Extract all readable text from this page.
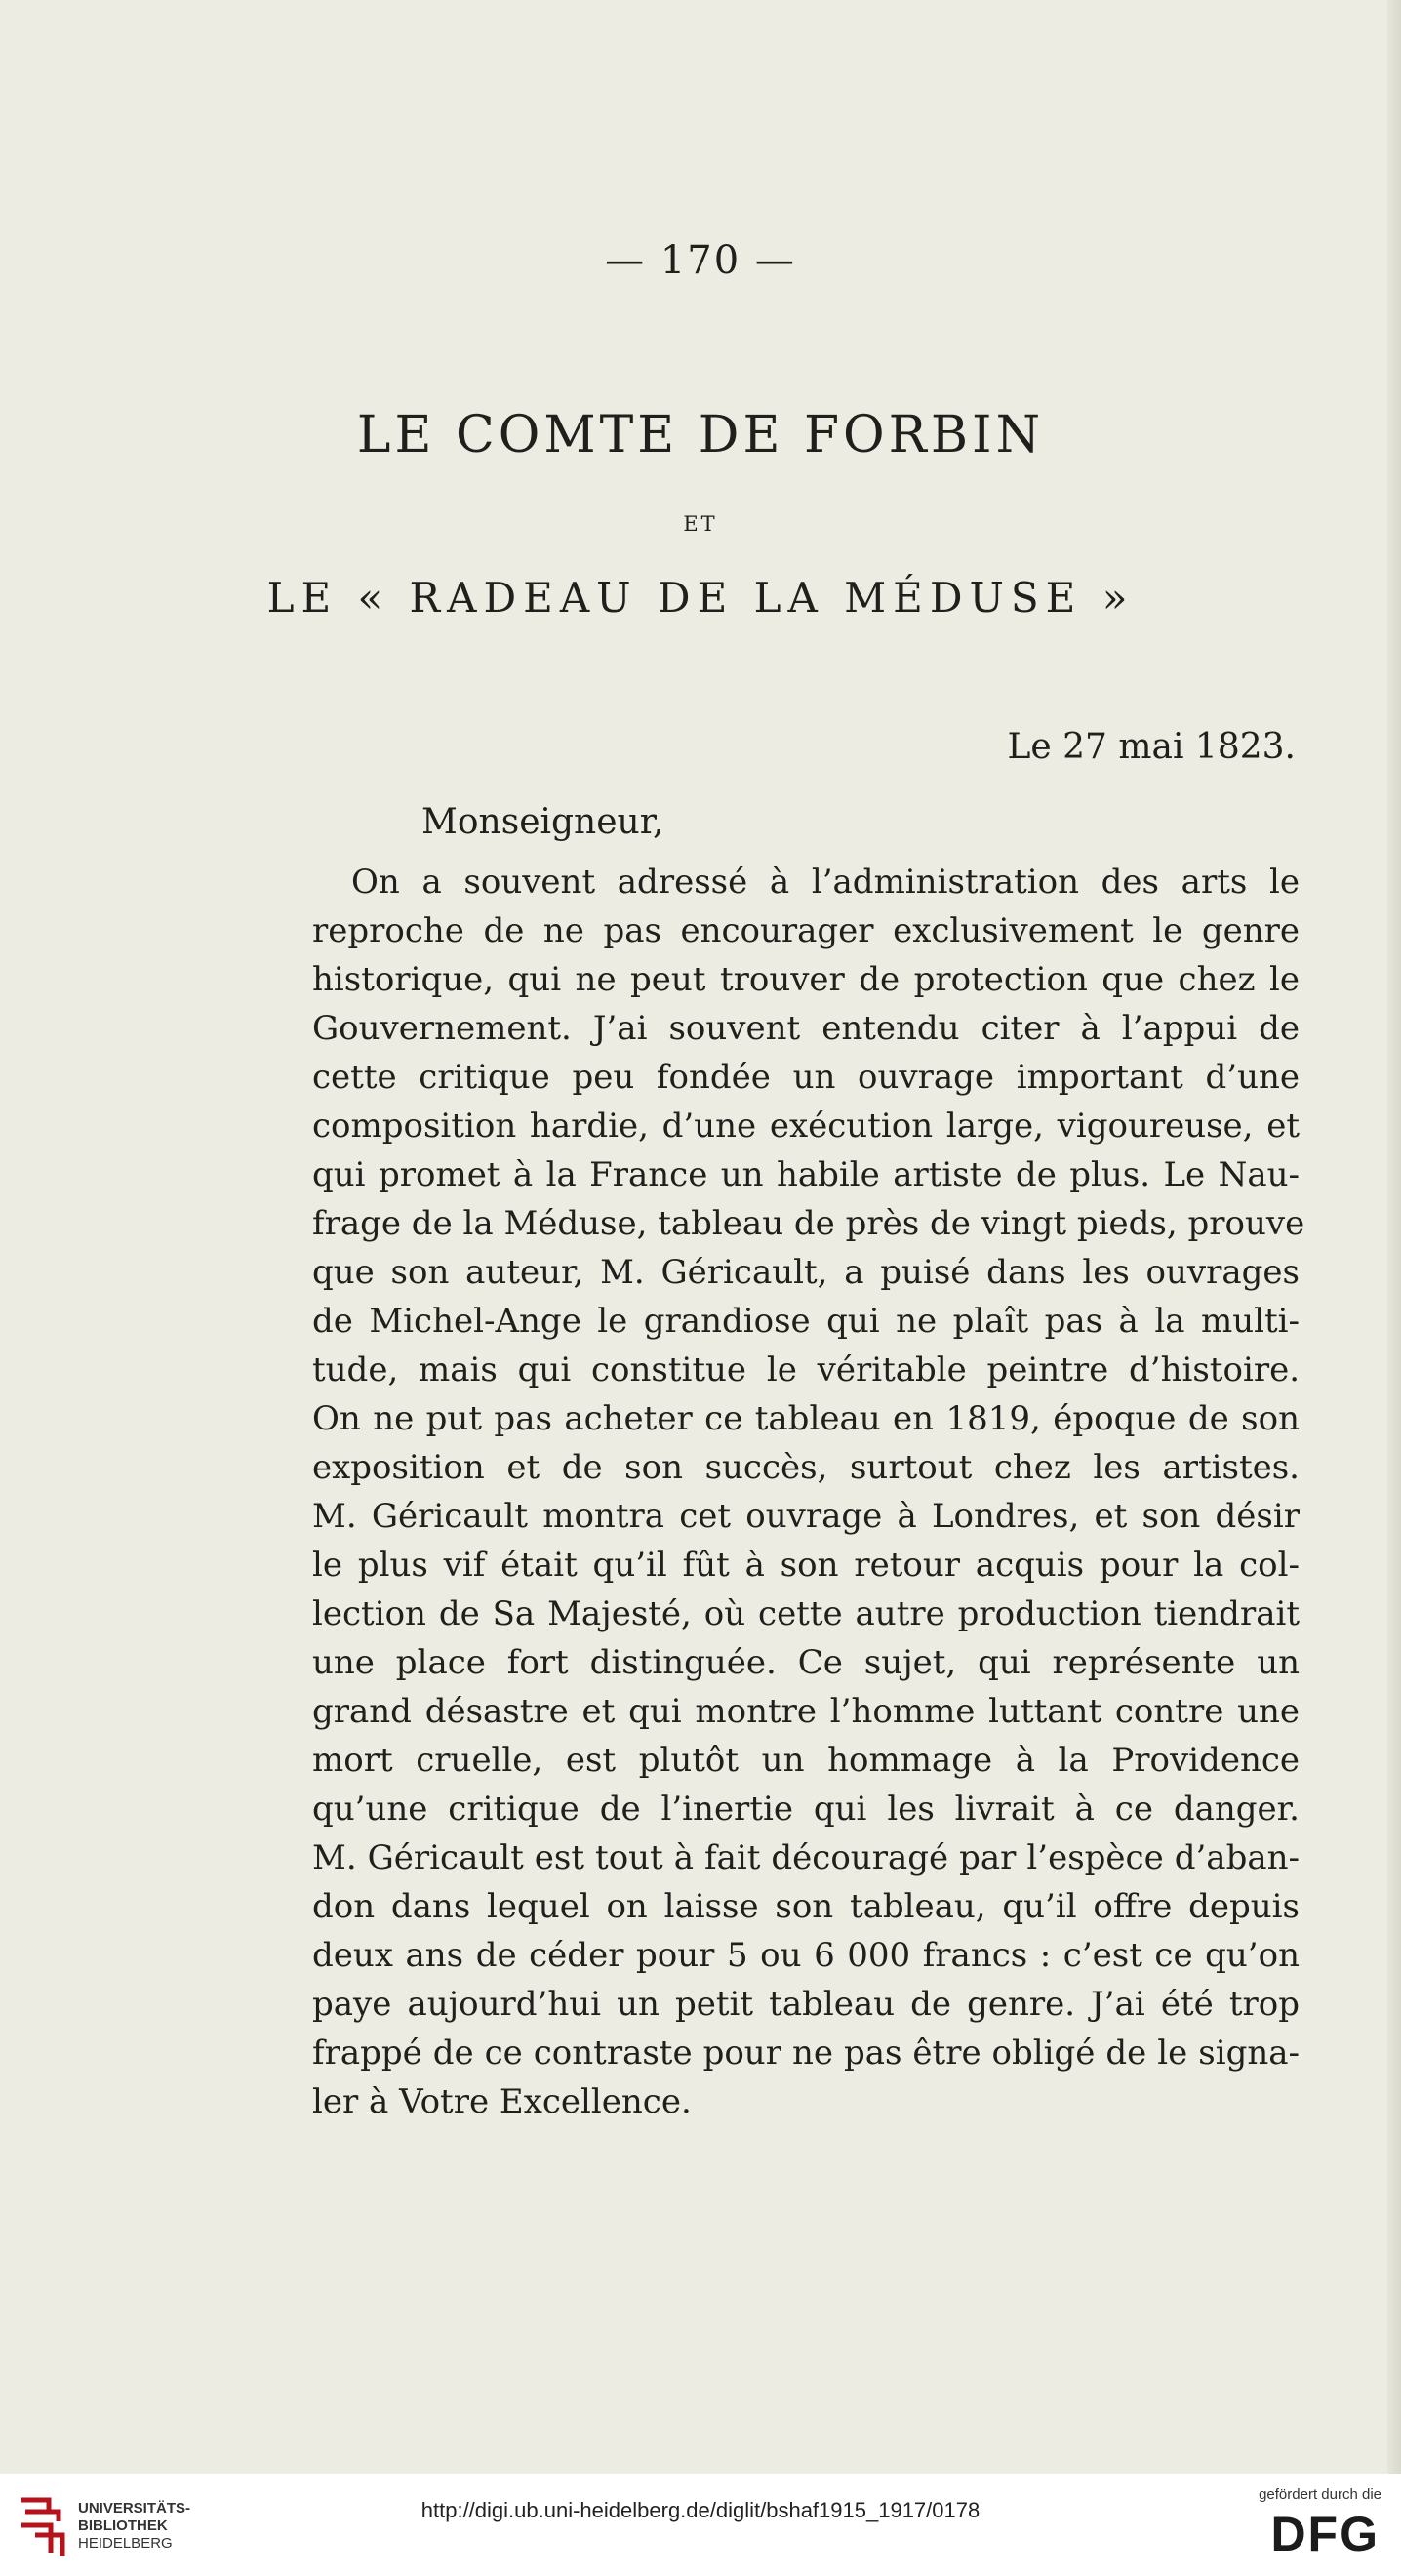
— 170 —
LE COMTE DE FORBIN
ET
LE « RADEAU DE LA MÉDUSE »
Le 27 mai 1823.
Monseigneur,
On a souvent adressé à l’administration des arts le
reproche de ne pas encourager exclusivement le genre
historique, qui ne peut trouver de protection que chez le
Gouvernement. J’ai souvent entendu citer à l’appui de
cette critique peu fondée un ouvrage important d’une
composition hardie, d’une exécution large, vigoureuse, et
qui promet à la France un habile artiste de plus. Le Nau-
frage de la Méduse, tableau de près de vingt pieds, prouve
que son auteur, M. Géricault, a puisé dans les ouvrages
de Michel-Ange le grandiose qui ne plaît pas à la multi-
tude, mais qui constitue le véritable peintre d’histoire.
On ne put pas acheter ce tableau en 1819, époque de son
exposition et de son succès, surtout chez les artistes.
M. Géricault montra cet ouvrage à Londres, et son désir
le plus vif était qu’il fût à son retour acquis pour la col-
lection de Sa Majesté, où cette autre production tiendrait
une place fort distinguée. Ce sujet, qui représente un
grand désastre et qui montre l’homme luttant contre une
mort cruelle, est plutôt un hommage à la Providence
qu’une critique de l’inertie qui les livrait à ce danger.
M. Géricault est tout à fait découragé par l’espèce d’aban-
don dans lequel on laisse son tableau, qu’il offre depuis
deux ans de céder pour 5 ou 6 000 francs : c’est ce qu’on
paye aujourd’hui un petit tableau de genre. J’ai été trop
frappé de ce contraste pour ne pas être obligé de le signa-
ler à Votre Excellence.
UNIVERSITÄTS-
BIBLIOTHEK
HEIDELBERG
http://digi.ub.uni-heidelberg.de/diglit/bshaf1915_1917/0178
gefördert durch die
DFG
